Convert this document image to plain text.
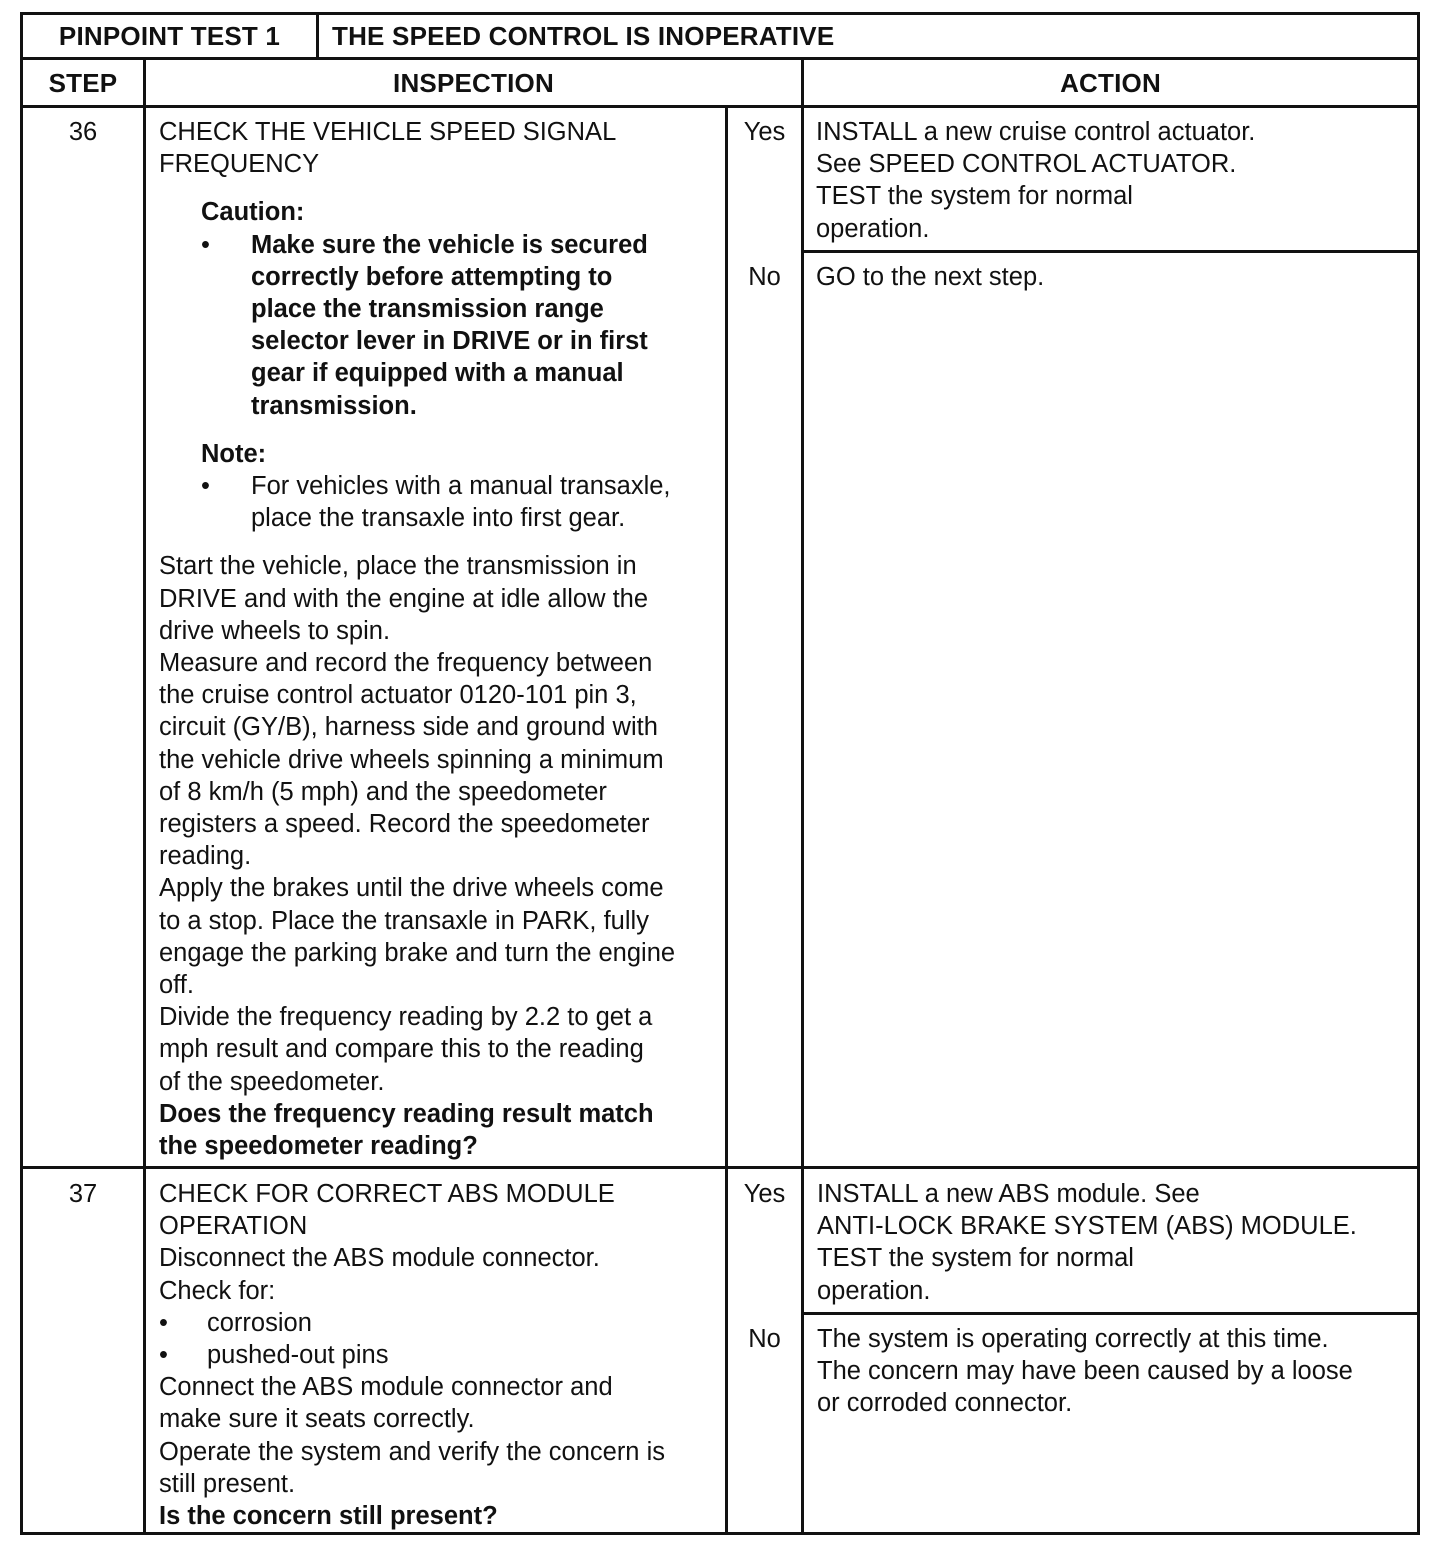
PINPOINT TEST 1	THE SPEED CONTROL IS INOPERATIVE
STEP	INSPECTION	ACTION
36	CHECK THE VEHICLE SPEED SIGNAL
FREQUENCY
Caution:
• Make sure the vehicle is secured
correctly before attempting to
place the transmission range
selector lever in DRIVE or in first
gear if equipped with a manual
transmission.
Note:
• For vehicles with a manual transaxle,
place the transaxle into first gear.
Start the vehicle, place the transmission in
DRIVE and with the engine at idle allow the
drive wheels to spin.
Measure and record the frequency between
the cruise control actuator 0120-101 pin 3,
circuit (GY/B), harness side and ground with
the vehicle drive wheels spinning a minimum
of 8 km/h (5 mph) and the speedometer
registers a speed. Record the speedometer
reading.
Apply the brakes until the drive wheels come
to a stop. Place the transaxle in PARK, fully
engage the parking brake and turn the engine
off.
Divide the frequency reading by 2.2 to get a
mph result and compare this to the reading
of the speedometer.
Does the frequency reading result match
the speedometer reading?
Yes	INSTALL a new cruise control actuator.
See SPEED CONTROL ACTUATOR.
TEST the system for normal
operation.
No	GO to the next step.
37	CHECK FOR CORRECT ABS MODULE
OPERATION
Disconnect the ABS module connector.
Check for:
• corrosion
• pushed-out pins
Connect the ABS module connector and
make sure it seats correctly.
Operate the system and verify the concern is
still present.
Is the concern still present?
Yes	INSTALL a new ABS module. See
ANTI-LOCK BRAKE SYSTEM (ABS) MODULE.
TEST the system for normal
operation.
No	The system is operating correctly at this time.
The concern may have been caused by a loose
or corroded connector.
